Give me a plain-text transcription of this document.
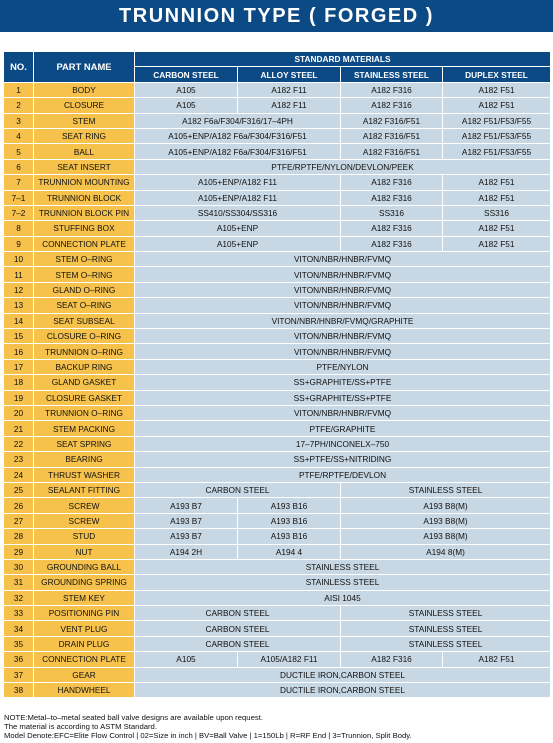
TRUNNION TYPE ( FORGED )
NO.	PART NAME	STANDARD MATERIALS			
		CARBON STEEL	ALLOY STEEL	STAINLESS STEEL	DUPLEX STEEL
1	BODY	A105	A182 F11	A182 F316	A182 F51
2	CLOSURE	A105	A182 F11	A182 F316	A182 F51
3	STEM	A182 F6a/F304/F316/17–4PH		A182 F316/F51	A182 F51/F53/F55
4	SEAT RING	A105+ENP/A182 F6a/F304/F316/F51		A182 F316/F51	A182 F51/F53/F55
5	BALL	A105+ENP/A182 F6a/F304/F316/F51		A182 F316/F51	A182 F51/F53/F55
6	SEAT INSERT	PTFE/RPTFE/NYLON/DEVLON/PEEK			
7	TRUNNION MOUNTING	A105+ENP/A182 F11		A182 F316	A182 F51
7–1	TRUNNION BLOCK	A105+ENP/A182 F11		A182 F316	A182 F51
7–2	TRUNNION BLOCK PIN	SS410/SS304/SS316		SS316	SS316
8	STUFFING BOX	A105+ENP		A182 F316	A182 F51
9	CONNECTION PLATE	A105+ENP		A182 F316	A182 F51
10	STEM O–RING	VITON/NBR/HNBR/FVMQ			
11	STEM O–RING	VITON/NBR/HNBR/FVMQ			
12	GLAND O–RING	VITON/NBR/HNBR/FVMQ			
13	SEAT O–RING	VITON/NBR/HNBR/FVMQ			
14	SEAT SUBSEAL	VITON/NBR/HNBR/FVMQ/GRAPHITE			
15	CLOSURE O–RING	VITON/NBR/HNBR/FVMQ			
16	TRUNNION O–RING	VITON/NBR/HNBR/FVMQ			
17	BACKUP RING	PTFE/NYLON			
18	GLAND GASKET	SS+GRAPHITE/SS+PTFE			
19	CLOSURE GASKET	SS+GRAPHITE/SS+PTFE			
20	TRUNNION O–RING	VITON/NBR/HNBR/FVMQ			
21	STEM PACKING	PTFE/GRAPHITE			
22	SEAT SPRING	17–7PH/INCONELX–750			
23	BEARING	SS+PTFE/SS+NITRIDING			
24	THRUST WASHER	PTFE/RPTFE/DEVLON			
25	SEALANT FITTING	CARBON STEEL		STAINLESS STEEL	
26	SCREW	A193 B7	A193 B16	A193 B8(M)	
27	SCREW	A193 B7	A193 B16	A193 B8(M)	
28	STUD	A193 B7	A193 B16	A193 B8(M)	
29	NUT	A194 2H	A194 4	A194 8(M)	
30	GROUNDING BALL	STAINLESS STEEL			
31	GROUNDING SPRING	STAINLESS STEEL			
32	STEM KEY	AISI 1045			
33	POSITIONING PIN	CARBON STEEL		STAINLESS STEEL	
34	VENT PLUG	CARBON STEEL		STAINLESS STEEL	
35	DRAIN PLUG	CARBON STEEL		STAINLESS STEEL	
36	CONNECTION PLATE	A105	A105/A182 F11	A182 F316	A182 F51
37	GEAR	DUCTILE IRON,CARBON STEEL			
38	HANDWHEEL	DUCTILE IRON,CARBON STEEL			
NOTE:Metal–to–metal seated ball valve designs are available upon request.
The material is according to ASTM Standard.
Model Denote:EFC=Elite Flow Control | 02=Size in inch | BV=Ball Valve | 1=150Lb | R=RF End | 3=Trunnion, Split Body.
